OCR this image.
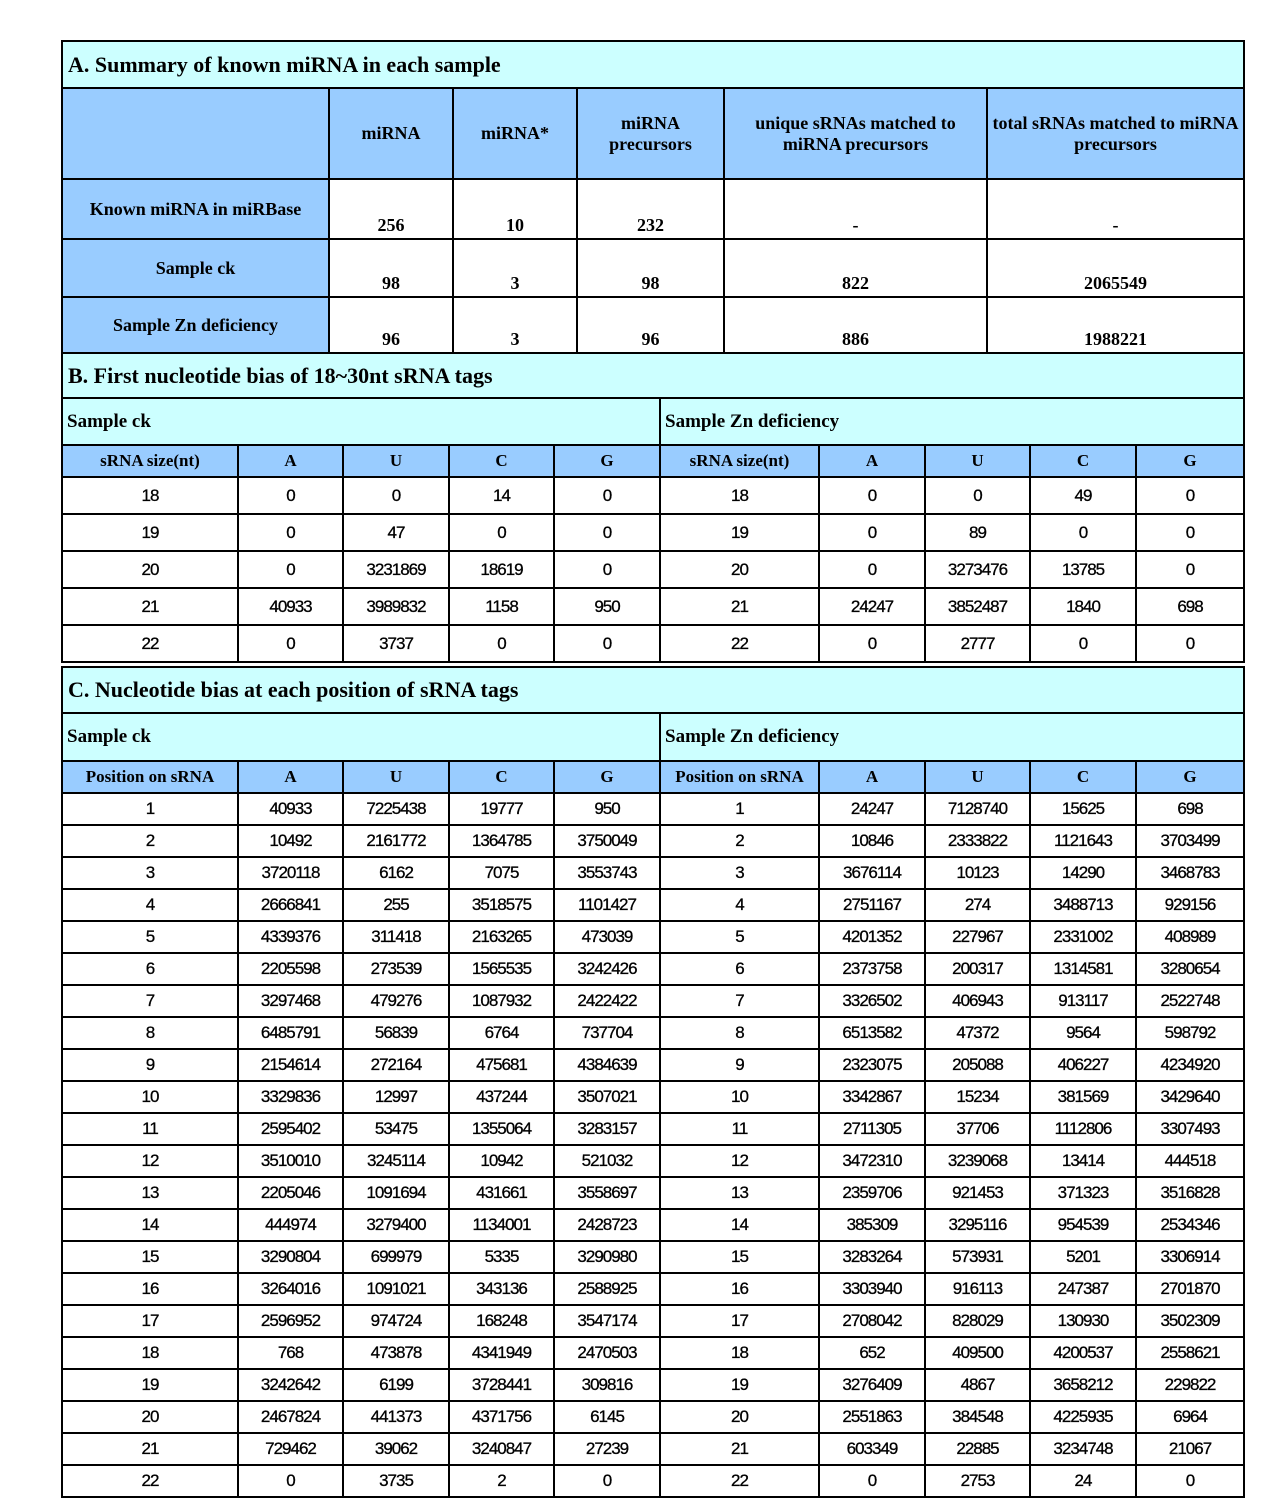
A. Summary of known miRNA in each sample					
	miRNA	miRNA*	miRNA precursors	unique sRNAs matched to miRNA precursors	total sRNAs matched to miRNA precursors
Known miRNA in miRBase	256	10	232	-	-
Sample ck	98	3	98	822	2065549
Sample Zn deficiency	96	3	96	886	1988221
B. First nucleotide bias of 18~30nt sRNA tags									
Sample ck					Sample Zn deficiency				
sRNA size(nt)	A	U	C	G	sRNA size(nt)	A	U	C	G
18	0	0	14	0	18	0	0	49	0
19	0	47	0	0	19	0	89	0	0
20	0	3231869	18619	0	20	0	3273476	13785	0
21	40933	3989832	1158	950	21	24247	3852487	1840	698
22	0	3737	0	0	22	0	2777	0	0
C. Nucleotide bias at each position of sRNA tags									
Sample ck					Sample Zn deficiency				
Position on sRNA	A	U	C	G	Position on sRNA	A	U	C	G
1	40933	7225438	19777	950	1	24247	7128740	15625	698
2	10492	2161772	1364785	3750049	2	10846	2333822	1121643	3703499
3	3720118	6162	7075	3553743	3	3676114	10123	14290	3468783
4	2666841	255	3518575	1101427	4	2751167	274	3488713	929156
5	4339376	311418	2163265	473039	5	4201352	227967	2331002	408989
6	2205598	273539	1565535	3242426	6	2373758	200317	1314581	3280654
7	3297468	479276	1087932	2422422	7	3326502	406943	913117	2522748
8	6485791	56839	6764	737704	8	6513582	47372	9564	598792
9	2154614	272164	475681	4384639	9	2323075	205088	406227	4234920
10	3329836	12997	437244	3507021	10	3342867	15234	381569	3429640
11	2595402	53475	1355064	3283157	11	2711305	37706	1112806	3307493
12	3510010	3245114	10942	521032	12	3472310	3239068	13414	444518
13	2205046	1091694	431661	3558697	13	2359706	921453	371323	3516828
14	444974	3279400	1134001	2428723	14	385309	3295116	954539	2534346
15	3290804	699979	5335	3290980	15	3283264	573931	5201	3306914
16	3264016	1091021	343136	2588925	16	3303940	916113	247387	2701870
17	2596952	974724	168248	3547174	17	2708042	828029	130930	3502309
18	768	473878	4341949	2470503	18	652	409500	4200537	2558621
19	3242642	6199	3728441	309816	19	3276409	4867	3658212	229822
20	2467824	441373	4371756	6145	20	2551863	384548	4225935	6964
21	729462	39062	3240847	27239	21	603349	22885	3234748	21067
22	0	3735	2	0	22	0	2753	24	0
